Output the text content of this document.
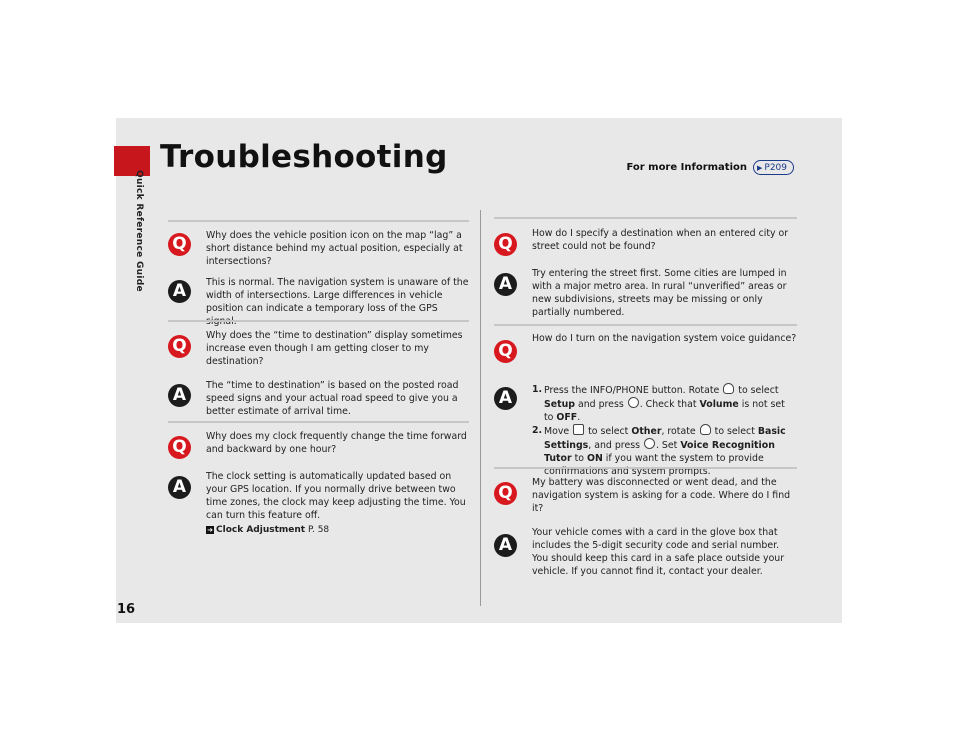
Quick Reference Guide
16
Troubleshooting	For more Information ▶ P209
Q	Why does the vehicle position icon on the map “lag” a short distance behind my actual position, especially at intersections?

A	This is normal. The navigation system is unaware of the width of intersections. Large differences in vehicle position can indicate a temporary loss of the GPS signal.

Q

Why does the “time to destination” display sometimes increase even though I am getting closer to my destination?

A	The “time to destination” is based on the posted road speed signs and your actual road speed to give you a better estimate of arrival time.

Q

Why does my clock frequently change the time forward and backward by one hour?

A

The clock setting is automatically updated based on your GPS location. If you normally drive between two time zones, the clock may keep adjusting the time. You can turn this feature off.

➜ Clock Adjustment P. 58
Q

How do I specify a destination when an entered city or street could not be found?

A

Try entering the street first. Some cities are lumped in with a major metro area. In rural “unverified” areas or new subdivisions, streets may be missing or only partially numbered.

Q

How do I turn on the navigation system voice guidance?

A	1. Press the INFO/PHONE button. Rotate to select Setup and press . Check that Volume is not set to OFF.
2. Move to select Other, rotate to select Basic Settings, and press . Set Voice Recognition Tutor to ON if you want the system to provide confirmations and system prompts.
Q

My battery was disconnected or went dead, and the navigation system is asking for a code. Where do I find it?

A

Your vehicle comes with a card in the glove box that includes the 5-digit security code and serial number. You should keep this card in a safe place outside your vehicle. If you cannot find it, contact your dealer.
